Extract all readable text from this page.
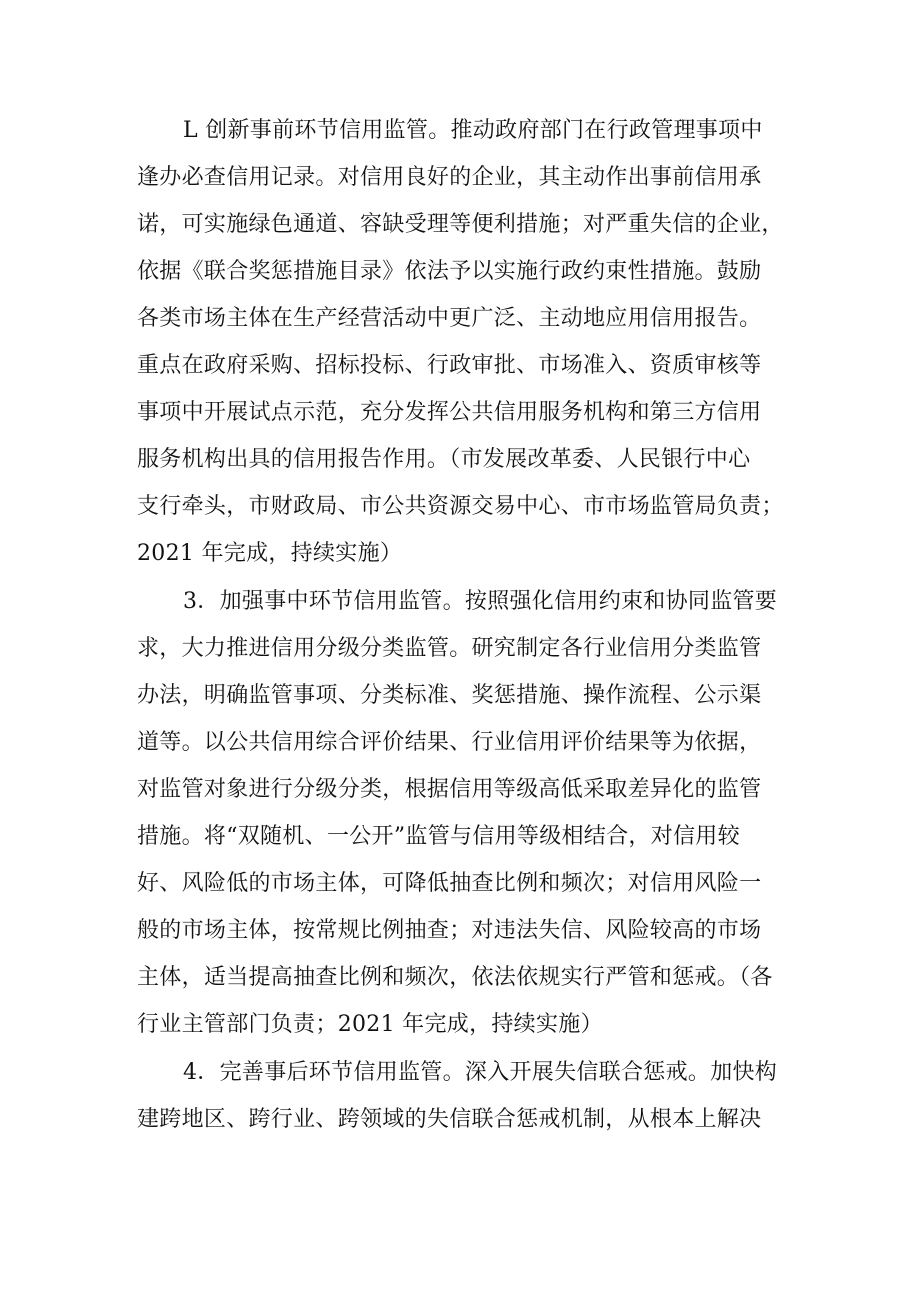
L 创新事前环节信用监管。推动政府部门在行政管理事项中
逢办必查信用记录。对信用良好的企业，其主动作出事前信用承
诺，可实施绿色通道、容缺受理等便利措施；对严重失信的企业，
依据《联合奖惩措施目录》依法予以实施行政约束性措施。鼓励
各类市场主体在生产经营活动中更广泛、主动地应用信用报告。
重点在政府采购、招标投标、行政审批、市场准入、资质审核等
事项中开展试点示范，充分发挥公共信用服务机构和第三方信用
服务机构出具的信用报告作用。（市发展改革委、人民银行中心
支行牵头，市财政局、市公共资源交易中心、市市场监管局负责；
2021 年完成，持续实施）
3．加强事中环节信用监管。按照强化信用约束和协同监管要
求，大力推进信用分级分类监管。研究制定各行业信用分类监管
办法，明确监管事项、分类标准、奖惩措施、操作流程、公示渠
道等。以公共信用综合评价结果、行业信用评价结果等为依据，
对监管对象进行分级分类，根据信用等级高低采取差异化的监管
措施。将“双随机、一公开”监管与信用等级相结合，对信用较
好、风险低的市场主体，可降低抽查比例和频次；对信用风险一
般的市场主体，按常规比例抽查；对违法失信、风险较高的市场
主体，适当提高抽查比例和频次，依法依规实行严管和惩戒。（各
行业主管部门负责；2021 年完成，持续实施）
4．完善事后环节信用监管。深入开展失信联合惩戒。加快构
建跨地区、跨行业、跨领域的失信联合惩戒机制，从根本上解决
